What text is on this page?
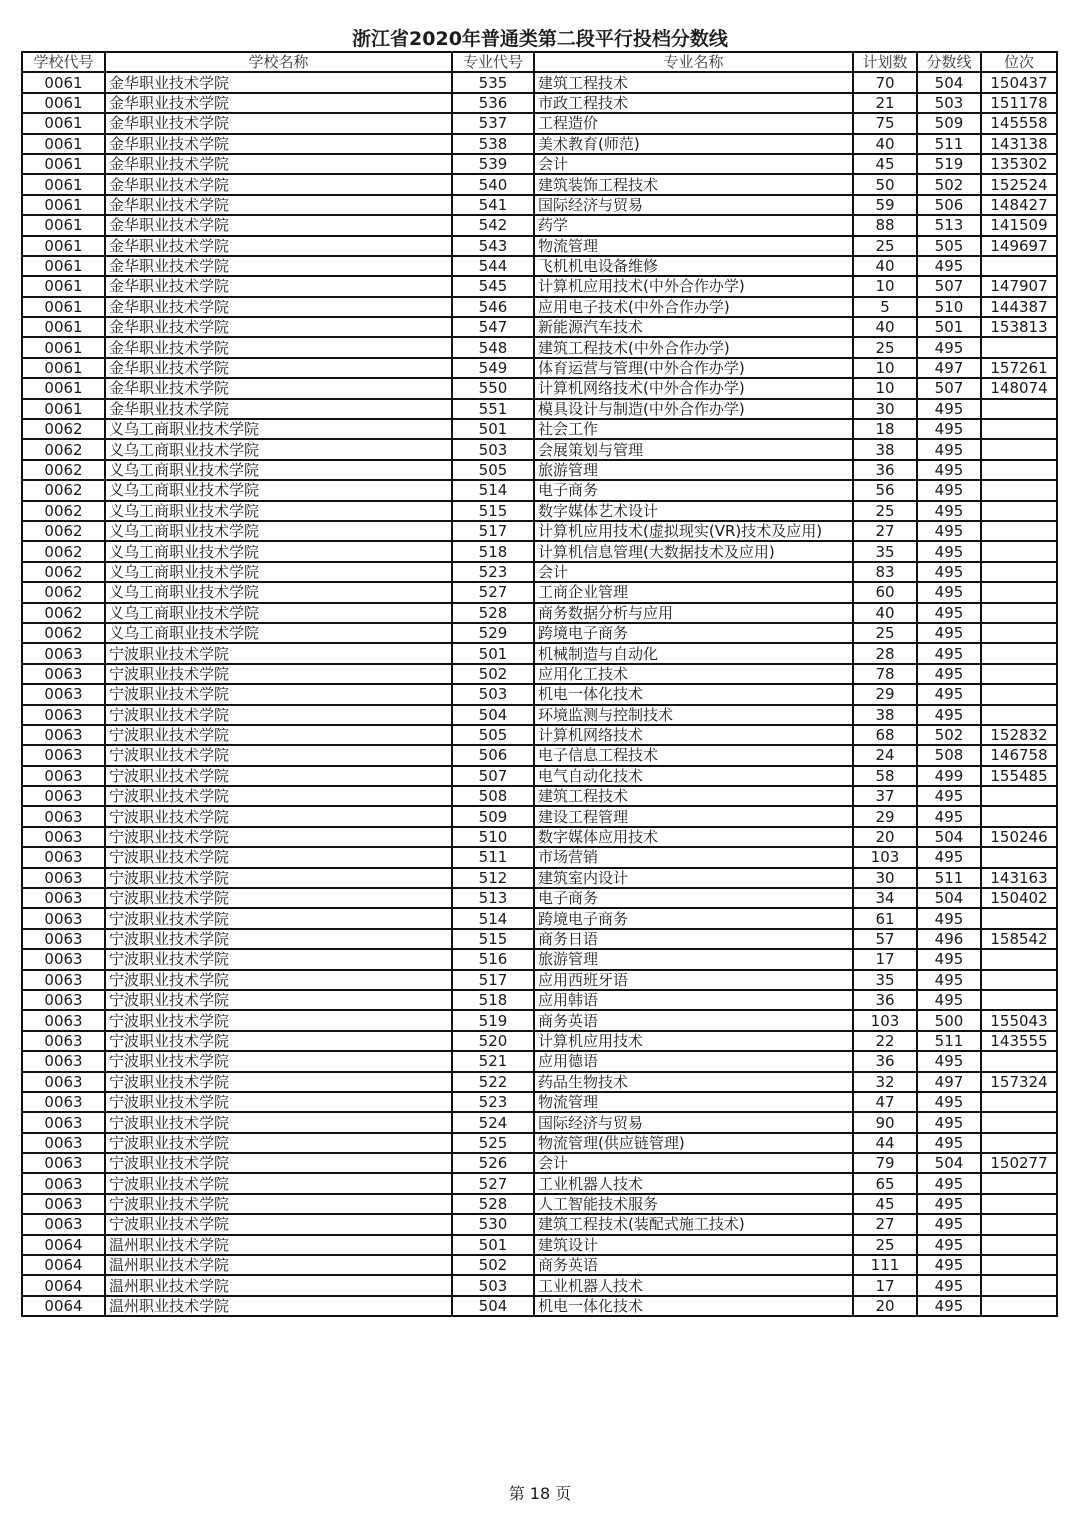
浙江省2020年普通类第二段平行投档分数线
学校代号	学校名称	专业代号	专业名称	计划数	分数线	位次
0061	金华职业技术学院	535	建筑工程技术	70	504	150437
0061	金华职业技术学院	536	市政工程技术	21	503	151178
0061	金华职业技术学院	537	工程造价	75	509	145558
0061	金华职业技术学院	538	美术教育(师范)	40	511	143138
0061	金华职业技术学院	539	会计	45	519	135302
0061	金华职业技术学院	540	建筑装饰工程技术	50	502	152524
0061	金华职业技术学院	541	国际经济与贸易	59	506	148427
0061	金华职业技术学院	542	药学	88	513	141509
0061	金华职业技术学院	543	物流管理	25	505	149697
0061	金华职业技术学院	544	飞机机电设备维修	40	495	
0061	金华职业技术学院	545	计算机应用技术(中外合作办学)	10	507	147907
0061	金华职业技术学院	546	应用电子技术(中外合作办学)	5	510	144387
0061	金华职业技术学院	547	新能源汽车技术	40	501	153813
0061	金华职业技术学院	548	建筑工程技术(中外合作办学)	25	495	
0061	金华职业技术学院	549	体育运营与管理(中外合作办学)	10	497	157261
0061	金华职业技术学院	550	计算机网络技术(中外合作办学)	10	507	148074
0061	金华职业技术学院	551	模具设计与制造(中外合作办学)	30	495	
0062	义乌工商职业技术学院	501	社会工作	18	495	
0062	义乌工商职业技术学院	503	会展策划与管理	38	495	
0062	义乌工商职业技术学院	505	旅游管理	36	495	
0062	义乌工商职业技术学院	514	电子商务	56	495	
0062	义乌工商职业技术学院	515	数字媒体艺术设计	25	495	
0062	义乌工商职业技术学院	517	计算机应用技术(虚拟现实(VR)技术及应用)	27	495	
0062	义乌工商职业技术学院	518	计算机信息管理(大数据技术及应用)	35	495	
0062	义乌工商职业技术学院	523	会计	83	495	
0062	义乌工商职业技术学院	527	工商企业管理	60	495	
0062	义乌工商职业技术学院	528	商务数据分析与应用	40	495	
0062	义乌工商职业技术学院	529	跨境电子商务	25	495	
0063	宁波职业技术学院	501	机械制造与自动化	28	495	
0063	宁波职业技术学院	502	应用化工技术	78	495	
0063	宁波职业技术学院	503	机电一体化技术	29	495	
0063	宁波职业技术学院	504	环境监测与控制技术	38	495	
0063	宁波职业技术学院	505	计算机网络技术	68	502	152832
0063	宁波职业技术学院	506	电子信息工程技术	24	508	146758
0063	宁波职业技术学院	507	电气自动化技术	58	499	155485
0063	宁波职业技术学院	508	建筑工程技术	37	495	
0063	宁波职业技术学院	509	建设工程管理	29	495	
0063	宁波职业技术学院	510	数字媒体应用技术	20	504	150246
0063	宁波职业技术学院	511	市场营销	103	495	
0063	宁波职业技术学院	512	建筑室内设计	30	511	143163
0063	宁波职业技术学院	513	电子商务	34	504	150402
0063	宁波职业技术学院	514	跨境电子商务	61	495	
0063	宁波职业技术学院	515	商务日语	57	496	158542
0063	宁波职业技术学院	516	旅游管理	17	495	
0063	宁波职业技术学院	517	应用西班牙语	35	495	
0063	宁波职业技术学院	518	应用韩语	36	495	
0063	宁波职业技术学院	519	商务英语	103	500	155043
0063	宁波职业技术学院	520	计算机应用技术	22	511	143555
0063	宁波职业技术学院	521	应用德语	36	495	
0063	宁波职业技术学院	522	药品生物技术	32	497	157324
0063	宁波职业技术学院	523	物流管理	47	495	
0063	宁波职业技术学院	524	国际经济与贸易	90	495	
0063	宁波职业技术学院	525	物流管理(供应链管理)	44	495	
0063	宁波职业技术学院	526	会计	79	504	150277
0063	宁波职业技术学院	527	工业机器人技术	65	495	
0063	宁波职业技术学院	528	人工智能技术服务	45	495	
0063	宁波职业技术学院	530	建筑工程技术(装配式施工技术)	27	495	
0064	温州职业技术学院	501	建筑设计	25	495	
0064	温州职业技术学院	502	商务英语	111	495	
0064	温州职业技术学院	503	工业机器人技术	17	495	
0064	温州职业技术学院	504	机电一体化技术	20	495	
第 18 页
